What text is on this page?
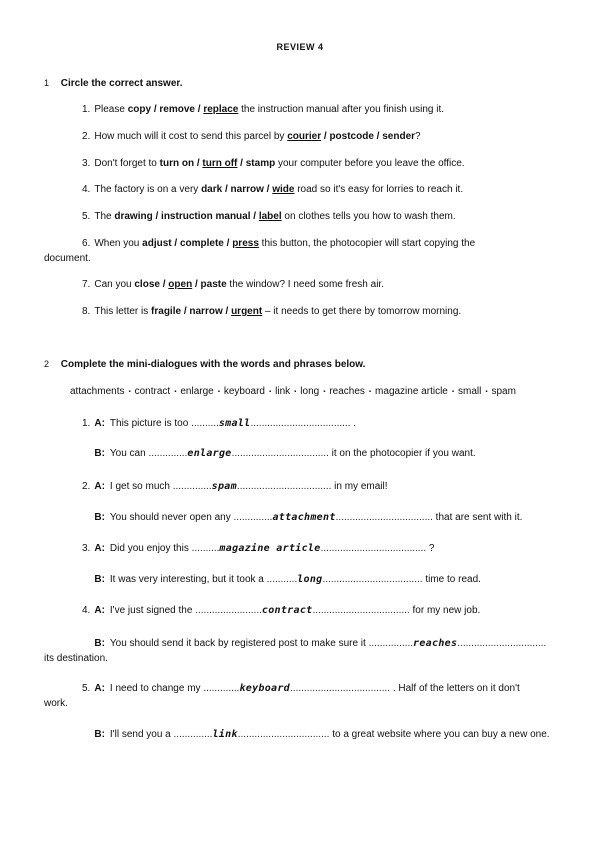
REVIEW 4
1 Circle the correct answer.
1. Please copy / remove / replace the instruction manual after you finish using it.
2. How much will it cost to send this parcel by courier / postcode / sender?
3. Don't forget to turn on / turn off / stamp your computer before you leave the office.
4. The factory is on a very dark / narrow / wide road so it's easy for lorries to reach it.
5. The drawing / instruction manual / label on clothes tells you how to wash them.
6. When you adjust / complete / press this button, the photocopier will start copying the
document.
7. Can you close / open / paste the window? I need some fresh air.
8. This letter is fragile / narrow / urgent – it needs to get there by tomorrow morning.
2 Complete the mini-dialogues with the words and phrases below.
attachments ▪ contract ▪ enlarge ▪ keyboard ▪ link ▪ long ▪ reaches ▪ magazine article ▪ small ▪ spam
1. A: This picture is too ..........small.................................... .
B: You can ..............enlarge................................... it on the photocopier if you want.
2. A: I get so much ..............spam.................................. in my email!
B: You should never open any ..............attachment................................... that are sent with it.
3. A: Did you enjoy this ..........magazine article...................................... ?
B: It was very interesting, but it took a ...........long.................................... time to read.
4. A: I've just signed the ........................contract................................... for my new job.
B: You should send it back by registered post to make sure it ................reaches................................
its destination.
5. A: I need to change my .............keyboard.................................... . Half of the letters on it don't
work.
B: I'll send you a ..............link................................. to a great website where you can buy a new one.
